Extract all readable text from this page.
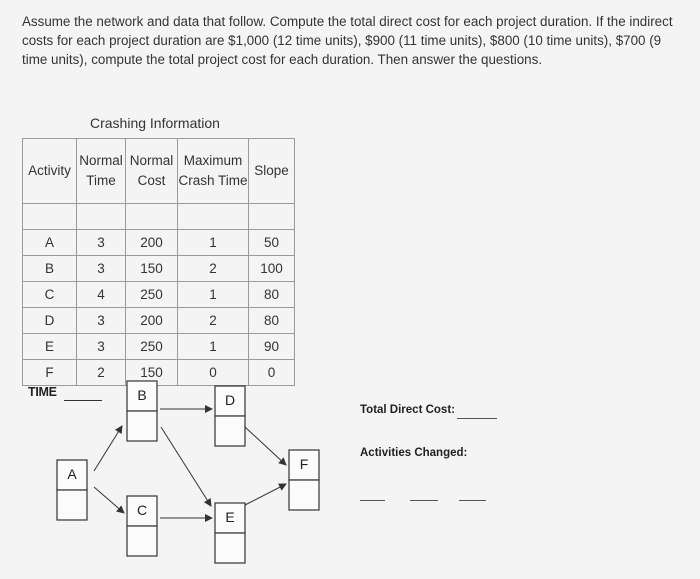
Assume the network and data that follow. Compute the total direct cost for each project duration. If the indirect costs for each project duration are $1,000 (12 time units), $900 (11 time units), $800 (10 time units), $700 (9 time units), compute the total project cost for each duration. Then answer the questions.
Crashing Information
Activity	Normal Time	Normal Cost	Maximum Crash Time	Slope

A	3	200	1	50
B	3	150	2	100
C	4	250	1	80
D	3	200	2	80
E	3	250	1	90
F	2	150	0	0
TIME
A
B
C
D
E
F
Total Direct Cost:
Activities Changed:
